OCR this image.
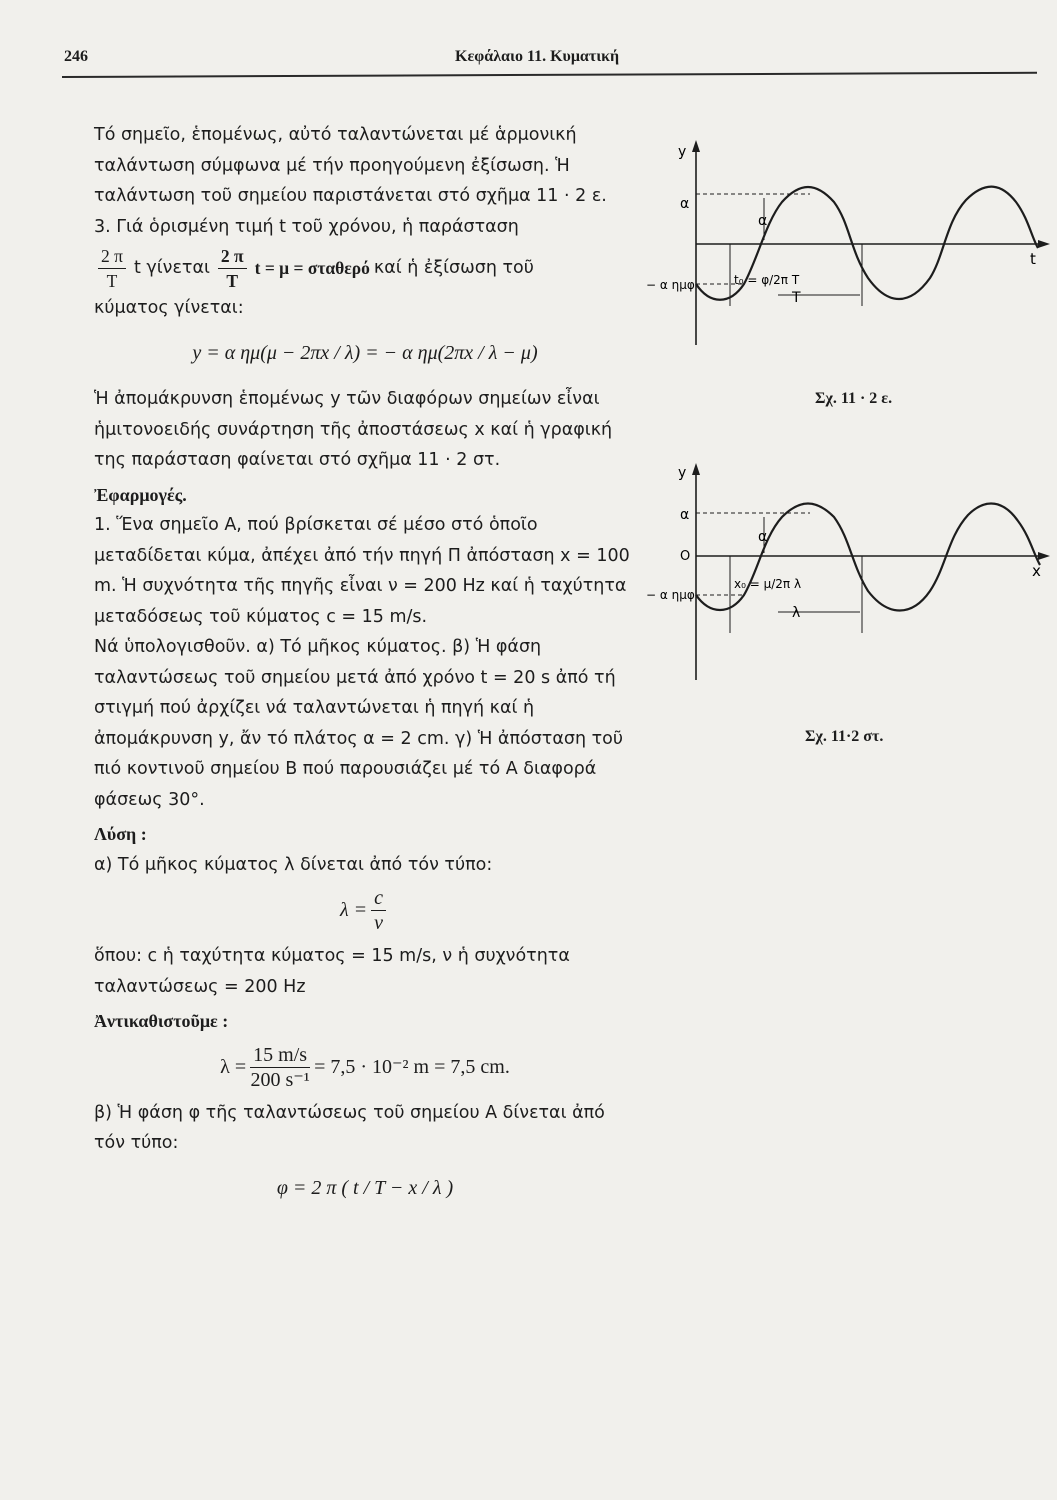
246	Κεφάλαιο 11. Κυματική

Τό σημεῖο, ἑπομένως, αὐτό ταλαντώνεται μέ ἁρμονική ταλάντωση σύμφωνα μέ τήν προηγούμενη ἐξίσωση. Ἡ ταλάντωση τοῦ σημείου παριστάνεται στό σχῆμα 11 · 2 ε.

3. Γιά ὁρισμένη τιμή t τοῦ χρόνου, ἡ παράσταση

$\frac{2 \pi}{T}$ t γίνεται $\frac{2 \pi}{T}$ t = μ = σταθερό καί ἡ ἐξίσωση τοῦ

κύματος γίνεται:

y = α ημ(μ − 2πx / λ) = − α ημ(2πx / λ − μ)

Ἡ ἀπομάκρυνση ἑπομένως y τῶν διαφόρων σημείων εἶναι ἡμιτονοειδής συνάρτηση τῆς ἀποστάσεως x καί ἡ γραφική της παράσταση φαίνεται στό σχῆμα 11 · 2 στ.

Ἐφαρμογές.

1. Ἕνα σημεῖο Α, πού βρίσκεται σέ μέσο στό ὁποῖο μεταδίδεται κύμα, ἀπέχει ἀπό τήν πηγή Π ἀπόσταση x = 100 m. Ἡ συχνότητα τῆς πηγῆς εἶναι ν = 200 Hz καί ἡ ταχύτητα μεταδόσεως τοῦ κύματος c = 15 m/s.

Νά ὑπολογισθοῦν. α) Τό μῆκος κύματος. β) Ἡ φάση ταλαντώσεως τοῦ σημείου μετά ἀπό χρόνο t = 20 s ἀπό τή στιγμή πού ἀρχίζει νά ταλαντώνεται ἡ πηγή καί ἡ ἀπομάκρυνση y, ἄν τό πλάτος α = 2 cm. γ) Ἡ ἀπόσταση τοῦ πιό κοντινοῦ σημείου Β πού παρουσιάζει μέ τό Α διαφορά φάσεως 30°.

Λύση :

α) Τό μῆκος κύματος λ δίνεται ἀπό τόν τύπο:

$\lambda = \frac{c}{\nu}$

ὅπου: c ἡ ταχύτητα κύματος = 15 m/s, ν ἡ συχνότητα ταλαντώσεως = 200 Hz

Ἀντικαθιστοῦμε :

$\lambda = \frac{15 m/s}{\text{200 s⁻¹}} = 7,5 \cdot 10^{-2}$ m = 7,5 cm.

β) Ἡ φάση φ τῆς ταλαντώσεως τοῦ σημείου Α δίνεται ἀπό τόν τύπο:

φ = 2 π ( t / T − x / λ )

y
t
α
α
− α ημφ	t₀ = φ/2π T
T
Σχ. 11 · 2 ε.
y
x
α
α
O
− α ημφ
x₀ = μ/2π λ
λ
Σχ. 11·2 στ.
